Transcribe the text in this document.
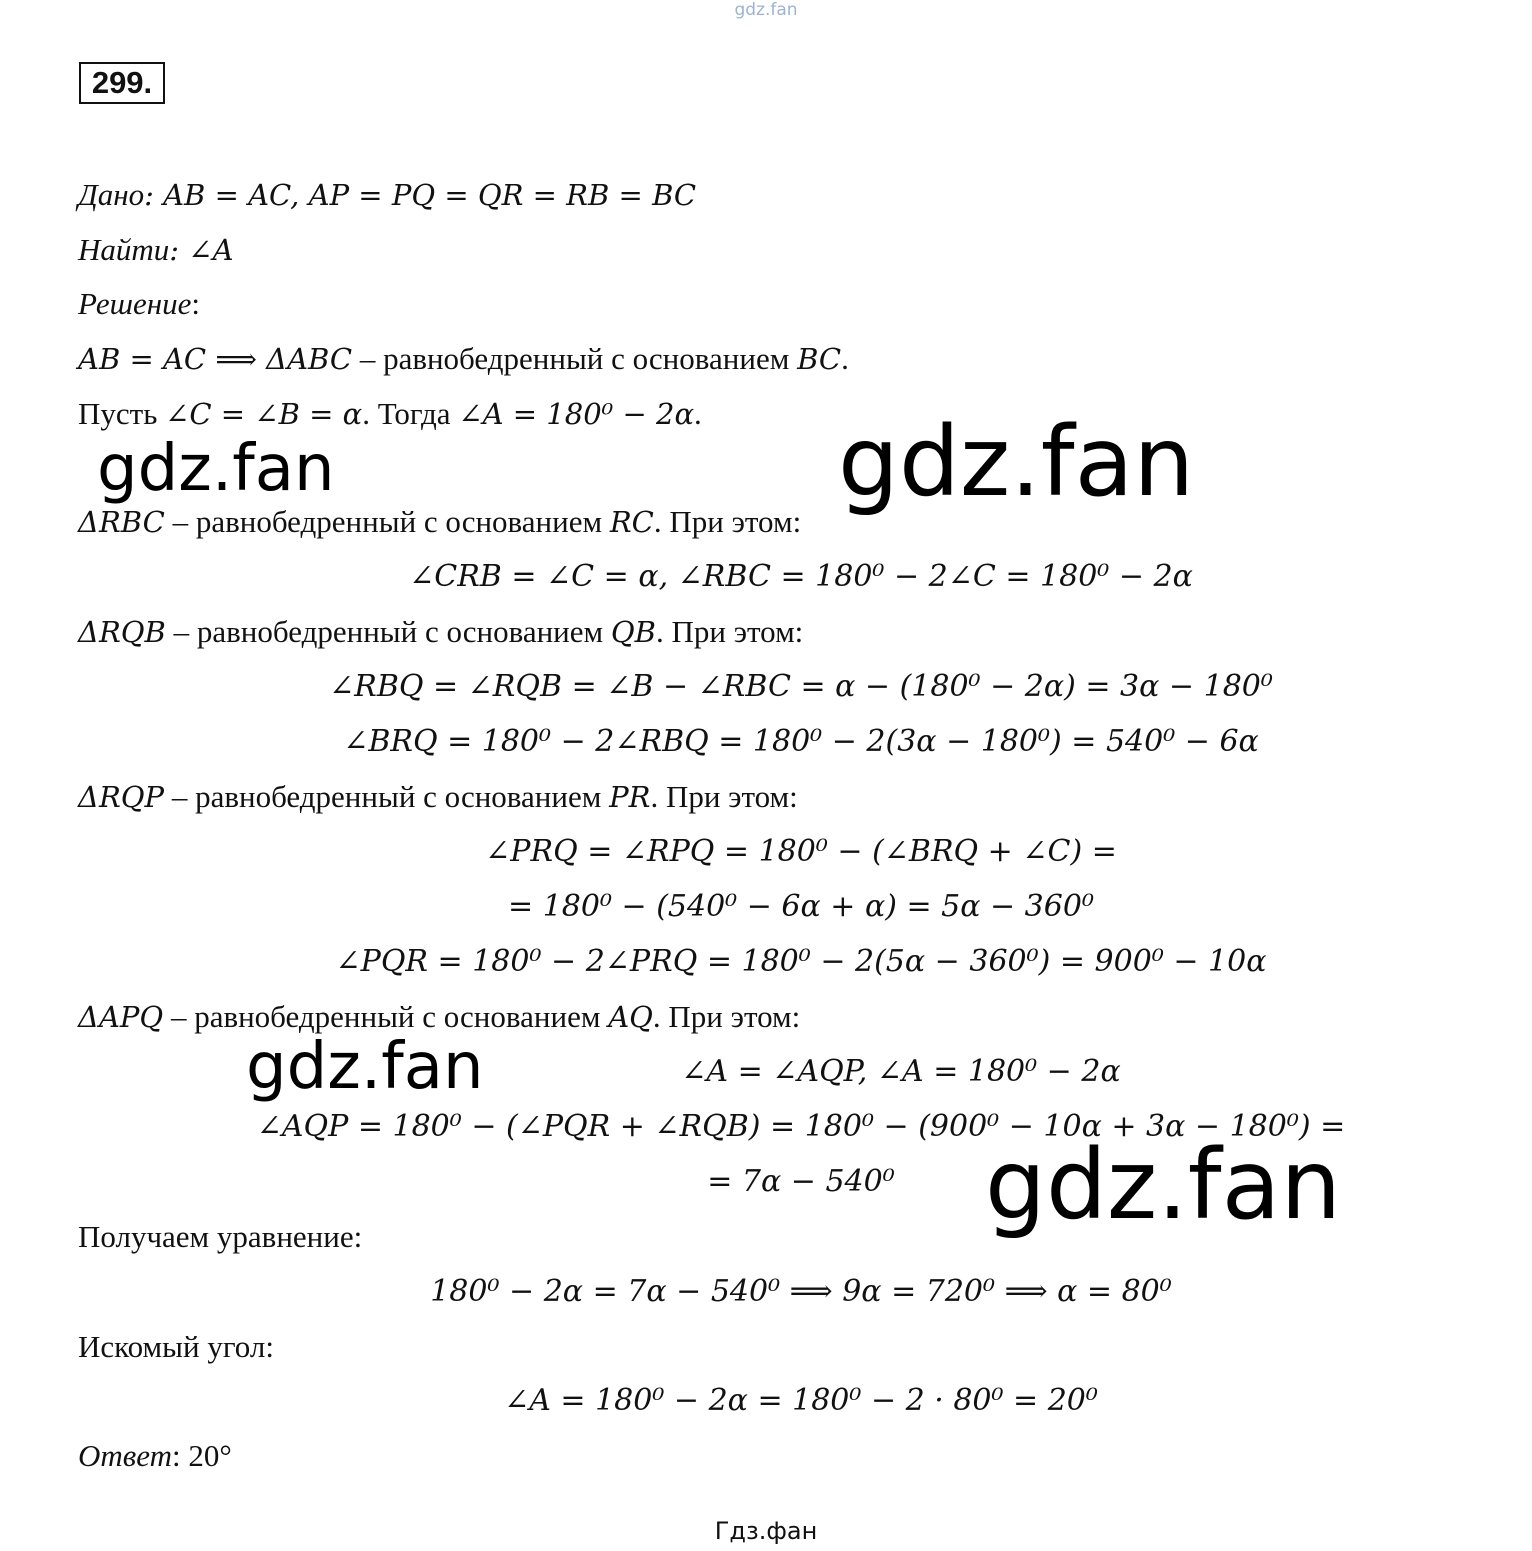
gdz.fan
299.
Дано: AB = AC, AP = PQ = QR = RB = BC
Найти: ∠A
Решение:
AB = AC ⟹ ΔABC – равнобедренный с основанием BC.
Пусть ∠C = ∠B = α. Тогда ∠A = 180⁰ − 2α.
ΔRBC – равнобедренный с основанием RC. При этом:
∠CRB = ∠C = α, ∠RBC = 180⁰ − 2∠C = 180⁰ − 2α
ΔRQB – равнобедренный с основанием QB. При этом:
∠RBQ = ∠RQB = ∠B − ∠RBC = α − (180⁰ − 2α) = 3α − 180⁰
∠BRQ = 180⁰ − 2∠RBQ = 180⁰ − 2(3α − 180⁰) = 540⁰ − 6α
ΔRQP – равнобедренный с основанием PR. При этом:
∠PRQ = ∠RPQ = 180⁰ − (∠BRQ + ∠C) =
= 180⁰ − (540⁰ − 6α + α) = 5α − 360⁰
∠PQR = 180⁰ − 2∠PRQ = 180⁰ − 2(5α − 360⁰) = 900⁰ − 10α
ΔAPQ – равнобедренный с основанием AQ. При этом:
∠A = ∠AQP, ∠A = 180⁰ − 2α
∠AQP = 180⁰ − (∠PQR + ∠RQB) = 180⁰ − (900⁰ − 10α + 3α − 180⁰) =
= 7α − 540⁰
Получаем уравнение:
180⁰ − 2α = 7α − 540⁰ ⟹ 9α = 720⁰ ⟹ α = 80⁰
Искомый угол:
∠A = 180⁰ − 2α = 180⁰ − 2 · 80⁰ = 20⁰
Ответ: 20°
gdz.fan	gdz.fan
gdz.fan
gdz.fan
Гдз.фан
